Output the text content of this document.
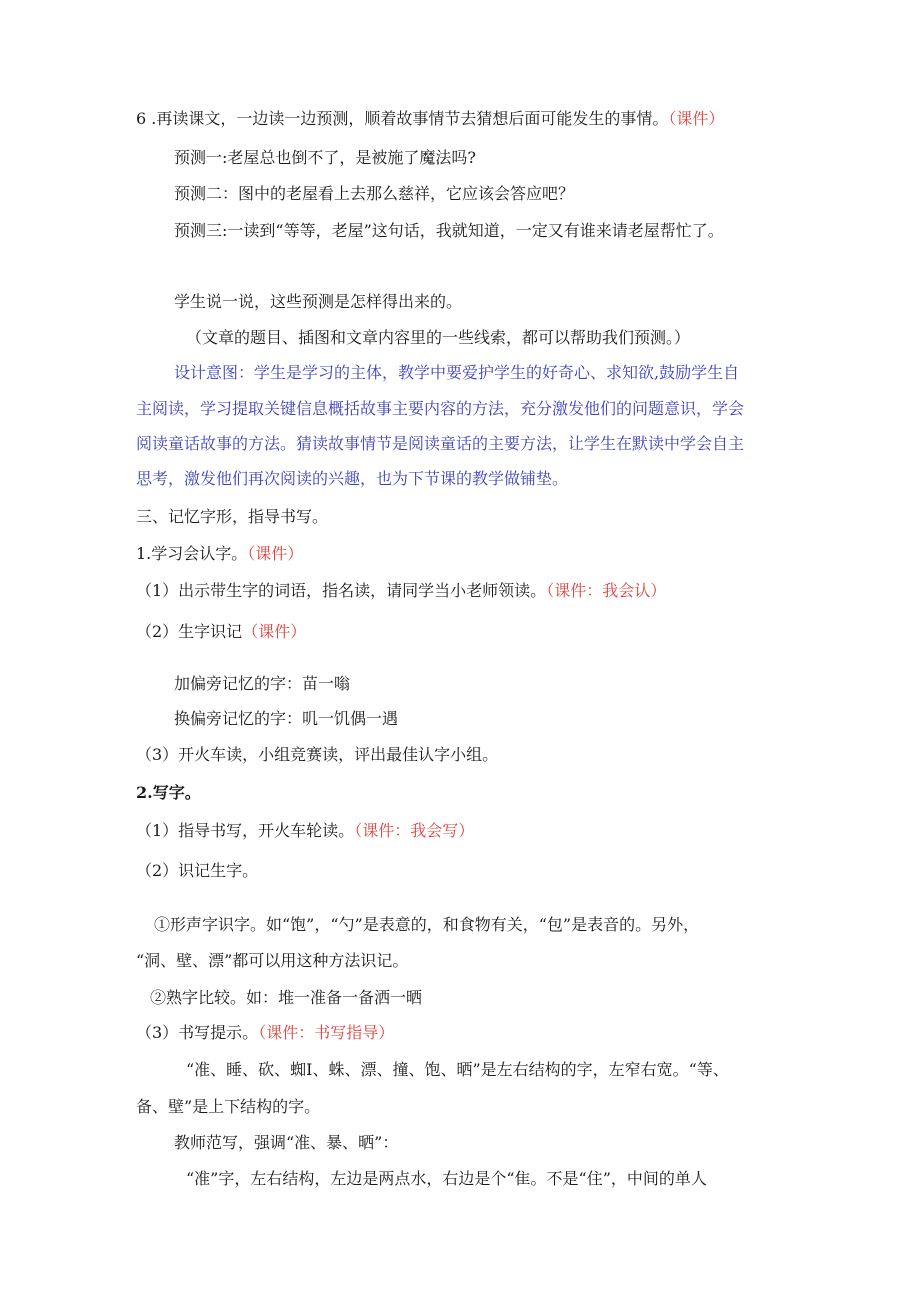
6 .再读课文，一边读一边预测，顺着故事情节去猜想后面可能发生的事情。（课件）
预测一:老屋总也倒不了，是被施了魔法吗?
预测二：图中的老屋看上去那么慈祥，它应该会答应吧？
预测三:一读到“等等，老屋”这句话，我就知道，一定又有谁来请老屋帮忙了。
学生说一说，这些预测是怎样得出来的。
（文章的题目、插图和文章内容里的一些线索，都可以帮助我们预测。）
设计意图：学生是学习的主体，教学中要爱护学生的好奇心、求知欲,鼓励学生自
主阅读，学习提取关键信息概括故事主要内容的方法，充分激发他们的问题意识，学会
阅读童话故事的方法。猜读故事情节是阅读童话的主要方法，让学生在默读中学会自主
思考，激发他们再次阅读的兴趣，也为下节课的教学做铺垫。
三、记忆字形，指导书写。
1.学习会认字。（课件）
（1）出示带生字的词语，指名读，请同学当小老师领读。（课件：我会认）
（2）生字识记（课件）
加偏旁记忆的字：苗一嗡
换偏旁记忆的字：叽一饥偶一遇
（3）开火车读，小组竞赛读，评出最佳认字小组。
2.写字。
（1）指导书写，开火车轮读。（课件：我会写）
（2）识记生字。
①形声字识字。如“饱”，“勺”是表意的，和食物有关，“包”是表音的。另外，
“洞、壁、漂”都可以用这种方法识记。
②熟字比较。如：堆一准备一备洒一晒
（3）书写提示。（课件：书写指导）
“准、睡、砍、蜘Ⅰ、蛛、漂、撞、饱、晒”是左右结构的字，左窄右宽。“等、
备、壁”是上下结构的字。
教师范写，强调“准、暴、晒”：
“准”字，左右结构，左边是两点水，右边是个“隹。不是“住”，中间的单人
